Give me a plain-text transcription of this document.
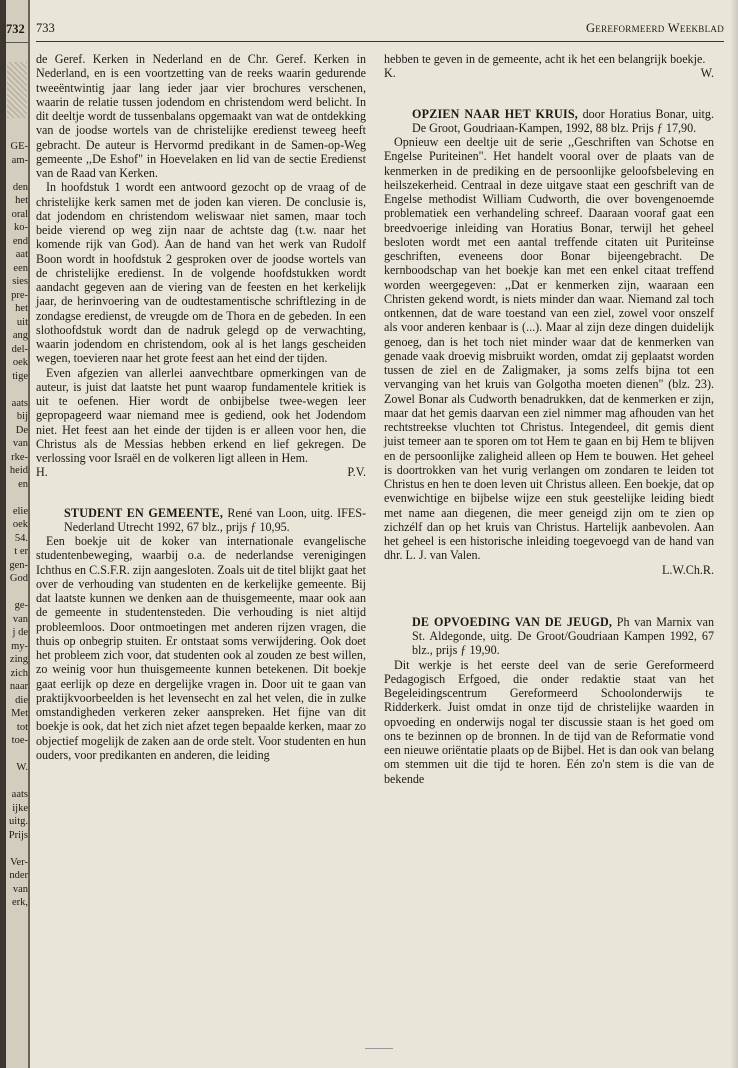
732
GE-
am-

den
het
oral
ko-
end
aat
een
sies
pre-
het
uit
ang
del-
oek
tige

aats
bij
De
van
rke-
heid
en

elie
oek
54.
t er
gen-
God

ge-
van
j de
my-
zing
zich
naar
die
Met
tot
toe-

W.

aats
ijke
uitg.
Prijs

Ver-
nder
van
erk,
733	Gereformeerd Weekblad

de Geref. Kerken in Nederland en de Chr. Geref. Kerken in Nederland, en is een voortzetting van de reeks waarin gedurende tweeëntwintig jaar lang ieder jaar vier brochures verschenen, waarin de relatie tussen jodendom en christendom werd belicht. In dit deeltje wordt de tussenbalans opgemaakt van wat de ontdekking van de joodse wortels van de christelijke eredienst teweeg heeft gebracht. De auteur is Hervormd predikant in de Samen-op-Weg gemeente ,,De Eshof" in Hoevelaken en lid van de sectie Eredienst van de Raad van Kerken.

In hoofdstuk 1 wordt een antwoord gezocht op de vraag of de christelijke kerk samen met de joden kan vieren. De conclusie is, dat jodendom en christendom weliswaar niet samen, maar toch beide vierend op weg zijn naar de achtste dag (t.w. naar het komende rijk van God). Aan de hand van het werk van Rudolf Boon wordt in hoofdstuk 2 gesproken over de joodse wortels van de christelijke eredienst. In de volgende hoofdstukken wordt aandacht gegeven aan de viering van de feesten en het kerkelijk jaar, de herinvoering van de oudtestamentische schriftlezing in de zondagse eredienst, de vreugde om de Thora en de gebeden. In een slothoofdstuk wordt dan de nadruk gelegd op de verwachting, waarin jodendom en christendom, ook al is het langs gescheiden wegen, toevieren naar het grote feest aan het eind der tijden.

Even afgezien van allerlei aanvechtbare opmerkingen van de auteur, is juist dat laatste het punt waarop fundamentele kritiek is uit te oefenen. Hier wordt de onbijbelse twee-wegen leer gepropageerd waar niemand mee is gediend, ook het Jodendom niet. Het feest aan het einde der tijden is er alleen voor hen, die Christus als de Messias hebben erkend en lief gekregen. De verlossing voor Israël en de volkeren ligt alleen in Hem.

H.	P.V.

STUDENT EN GEMEENTE, René van Loon, uitg. IFES-Nederland Utrecht 1992, 67 blz., prijs ƒ 10,95.

Een boekje uit de koker van internationale evangelische studentenbeweging, waarbij o.a. de nederlandse verenigingen Ichthus en C.S.F.R. zijn aangesloten. Zoals uit de titel blijkt gaat het over de verhouding van studenten en de kerkelijke gemeente. Bij dat laatste kunnen we denken aan de thuisgemeente, maar ook aan de gemeente in studentensteden. Die verhouding is niet altijd probleemloos. Door ontmoetingen met anderen rijzen vragen, die thuis op onbegrip stuiten. Er ontstaat soms verwijdering. Ook doet het probleem zich voor, dat studenten ook al zouden ze best willen, zo weinig voor hun thuisgemeente kunnen betekenen. Dit boekje gaat eerlijk op deze en dergelijke vragen in. Door uit te gaan van praktijkvoorbeelden is het levensecht en zal het velen, die in zulke omstandigheden verkeren zeker aanspreken. Het fijne van dit boekje is ook, dat het zich niet afzet tegen bepaalde kerken, maar zo objectief mogelijk de zaken aan de orde stelt. Voor studenten en hun ouders, voor predikanten en anderen, die leiding

hebben te geven in de gemeente, acht ik het een belangrijk boekje.

K.	W.

OPZIEN NAAR HET KRUIS, door Horatius Bonar, uitg. De Groot, Goudriaan-Kampen, 1992, 88 blz. Prijs ƒ 17,90.

Opnieuw een deeltje uit de serie ,,Geschriften van Schotse en Engelse Puriteinen". Het handelt vooral over de plaats van de kenmerken in de prediking en de persoonlijke geloofsbeleving en heilszekerheid. Centraal in deze uitgave staat een geschrift van de Engelse methodist William Cudworth, die over bovengenoemde problematiek een verhandeling schreef. Daaraan vooraf gaat een breedvoerige inleiding van Horatius Bonar, terwijl het geheel besloten wordt met een aantal treffende citaten uit Puriteinse geschriften, eveneens door Bonar bijeengebracht. De kernboodschap van het boekje kan met een enkel citaat treffend worden weergegeven: ,,Dat er kenmerken zijn, waaraan een Christen gekend wordt, is niets minder dan waar. Niemand zal toch ontkennen, dat de ware toestand van een ziel, zowel voor onszelf als voor anderen kenbaar is (...). Maar al zijn deze dingen duidelijk genoeg, dan is het toch niet minder waar dat de kenmerken van genade vaak droevig misbruikt worden, omdat zij geplaatst worden tussen de ziel en de Zaligmaker, ja soms zelfs bijna tot een vervanging van het kruis van Golgotha moeten dienen" (blz. 23). Zowel Bonar als Cudworth benadrukken, dat de kenmerken er zijn, maar dat het gemis daarvan een ziel nimmer mag afhouden van het rechtstreekse vluchten tot Christus. Integendeel, dit gemis dient juist temeer aan te sporen om tot Hem te gaan en bij Hem te blijven en de persoonlijke zaligheid alleen op Hem te bouwen. Het geheel is doortrokken van het vurig verlangen om zondaren te leiden tot Christus en hen te doen leven uit Christus alleen. Een boekje, dat op evenwichtige en bijbelse wijze een stuk geestelijke leiding biedt met name aan diegenen, die meer geneigd zijn om te zien op zichzélf dan op het kruis van Christus. Hartelijk aanbevolen. Aan het geheel is een historische inleiding toegevoegd van de hand van dhr. L. J. van Valen.

L.W.Ch.R.

DE OPVOEDING VAN DE JEUGD, Ph van Marnix van St. Aldegonde, uitg. De Groot/Goudriaan Kampen 1992, 67 blz., prijs ƒ 19,90.

Dit werkje is het eerste deel van de serie Gereformeerd Pedagogisch Erfgoed, die onder redaktie staat van het Begeleidingscentrum Gereformeerd Schoolonderwijs te Ridderkerk. Juist omdat in onze tijd de christelijke waarden in opvoeding en onderwijs nogal ter discussie staan is het goed om ons te bezinnen op de bronnen. In de tijd van de Reformatie vond een nieuwe oriëntatie plaats op de Bijbel. Het is dan ook van belang om stemmen uit die tijd te horen. Eén zo'n stem is die van de bekende
